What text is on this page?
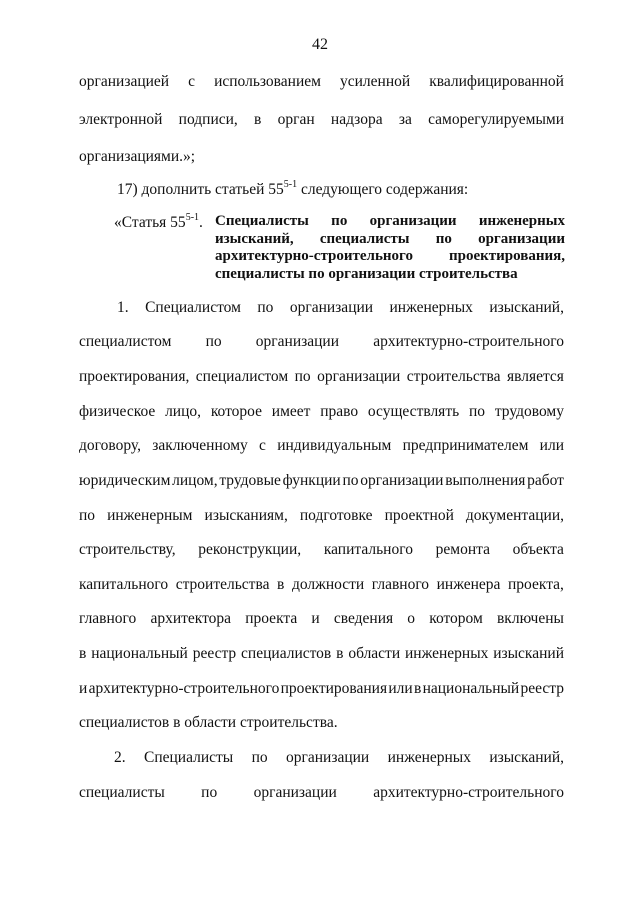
42
организацией с использованием усиленной квалифицированной
электронной подписи, в орган надзора за саморегулируемыми
организациями.»;
17) дополнить статьей 55$^{5-1}$ следующего содержания:
«Статья 55$^{5-1}$. Специалисты по организации инженерных
изысканий, специалисты по организации
архитектурно-строительного проектирования,
специалисты по организации строительства
1. Специалистом по организации инженерных изысканий,
специалистом по организации архитектурно-строительного
проектирования, специалистом по организации строительства является
физическое лицо, которое имеет право осуществлять по трудовому
договору, заключенному с индивидуальным предпринимателем или
юридическим лицом, трудовые функции по организации выполнения работ
по инженерным изысканиям, подготовке проектной документации,
строительству, реконструкции, капитального ремонта объекта
капитального строительства в должности главного инженера проекта,
главного архитектора проекта и сведения о котором включены
в национальный реестр специалистов в области инженерных изысканий
и архитектурно-строительного проектирования или в национальный реестр
специалистов в области строительства.
2. Специалисты по организации инженерных изысканий,
специалисты по организации архитектурно-строительного
